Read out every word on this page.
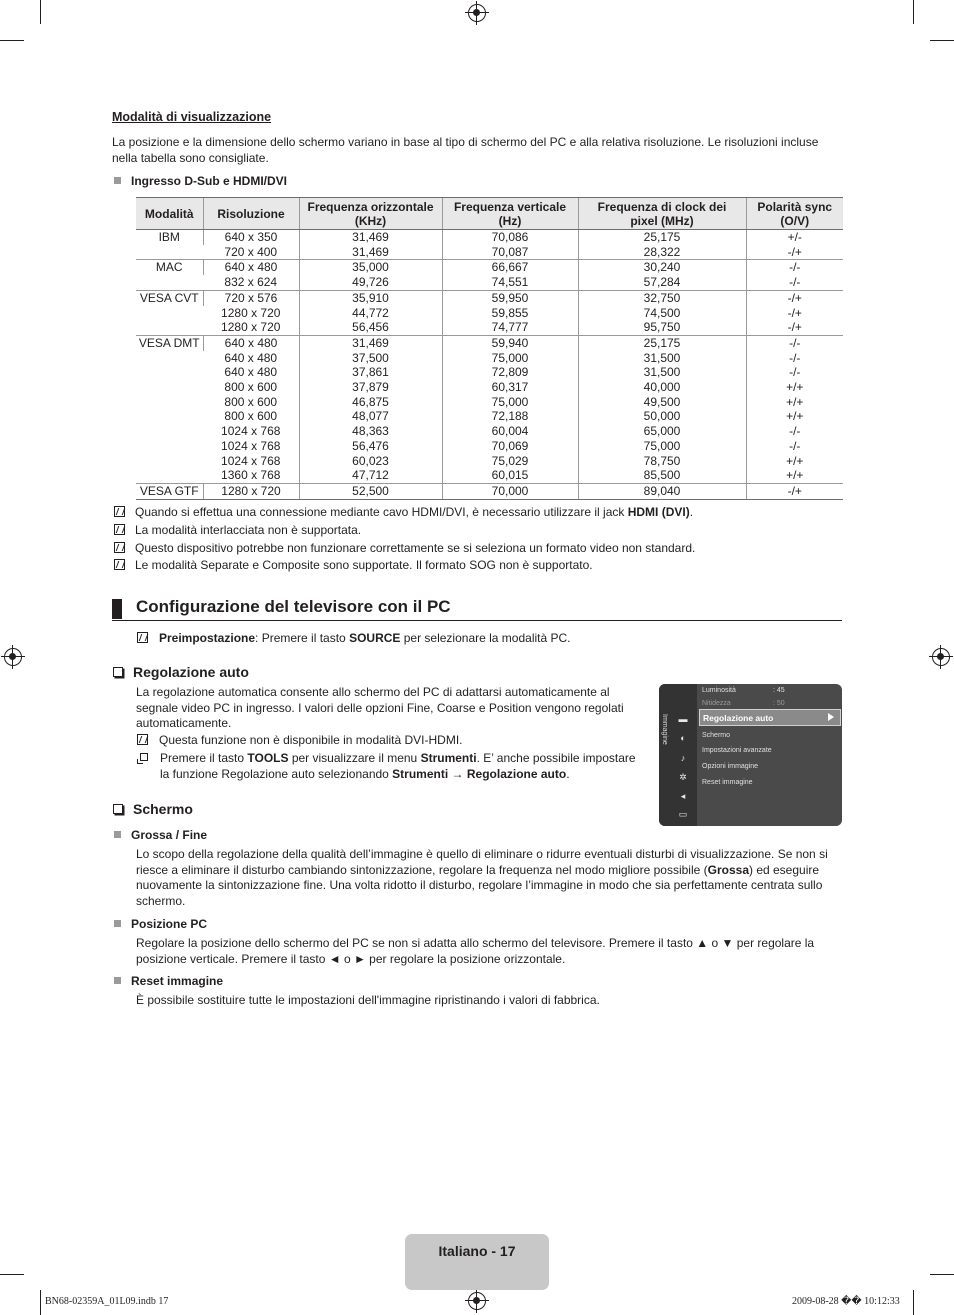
Modalità di visualizzazione
La posizione e la dimensione dello schermo variano in base al tipo di schermo del PC e alla relativa risoluzione. Le risoluzioni incluse nella tabella sono consigliate.
Ingresso D-Sub e HDMI/DVI
Modalità	Risoluzione	Frequenza orizzontale (KHz)	Frequenza verticale (Hz)	Frequenza di clock dei pixel (MHz)	Polarità sync (O/V)
IBM	640 x 350	31,469	70,086	25,175	+/-
	720 x 400	31,469	70,087	28,322	-/+
MAC	640 x 480	35,000	66,667	30,240	-/-
	832 x 624	49,726	74,551	57,284	-/-
VESA CVT	720 x 576	35,910	59,950	32,750	-/+
	1280 x 720	44,772	59,855	74,500	-/+
	1280 x 720	56,456	74,777	95,750	-/+
VESA DMT	640 x 480	31,469	59,940	25,175	-/-
	640 x 480	37,500	75,000	31,500	-/-
	640 x 480	37,861	72,809	31,500	-/-
	800 x 600	37,879	60,317	40,000	+/+
	800 x 600	46,875	75,000	49,500	+/+
	800 x 600	48,077	72,188	50,000	+/+
	1024 x 768	48,363	60,004	65,000	-/-
	1024 x 768	56,476	70,069	75,000	-/-
	1024 x 768	60,023	75,029	78,750	+/+
	1360 x 768	47,712	60,015	85,500	+/+
VESA GTF	1280 x 720	52,500	70,000	89,040	-/+
Quando si effettua una connessione mediante cavo HDMI/DVI, è necessario utilizzare il jack HDMI (DVI).
La modalità interlacciata non è supportata.
Questo dispositivo potrebbe non funzionare correttamente se si seleziona un formato video non standard.
Le modalità Separate e Composite sono supportate. Il formato SOG non è supportato.
Configurazione del televisore con il PC
Preimpostazione: Premere il tasto SOURCE per selezionare la modalità PC.
Regolazione auto
La regolazione automatica consente allo schermo del PC di adattarsi automaticamente al segnale video PC in ingresso. I valori delle opzioni Fine, Coarse e Position vengono regolati automaticamente.
Questa funzione non è disponibile in modalità DVI-HDMI.
Premere il tasto TOOLS per visualizzare il menu Strumenti. E’ anche possibile impostare la funzione Regolazione auto selezionando Strumenti → Regolazione auto.
Immagine ▬
◐
♪
✲
◂
▭
Luminosità	: 45
Nitidezza	: 50
Regolazione auto
Schermo
Impostazioni avanzate
Opzioni immagine
Reset immagine
Schermo
Grossa / Fine
Lo scopo della regolazione della qualità dell’immagine è quello di eliminare o ridurre eventuali disturbi di visualizzazione. Se non si riesce a eliminare il disturbo cambiando sintonizzazione, regolare la frequenza nel modo migliore possibile (Grossa) ed eseguire nuovamente la sintonizzazione fine. Una volta ridotto il disturbo, regolare l’immagine in modo che sia perfettamente centrata sullo schermo.
Posizione PC
Regolare la posizione dello schermo del PC se non si adatta allo schermo del televisore. Premere il tasto ▲ o ▼ per regolare la posizione verticale. Premere il tasto ◄ o ► per regolare la posizione orizzontale.
Reset immagine
È possibile sostituire tutte le impostazioni dell'immagine ripristinando i valori di fabbrica.
Italiano - 17
BN68-02359A_01L09.indb 17	2009-08-28 �� 10:12:33
